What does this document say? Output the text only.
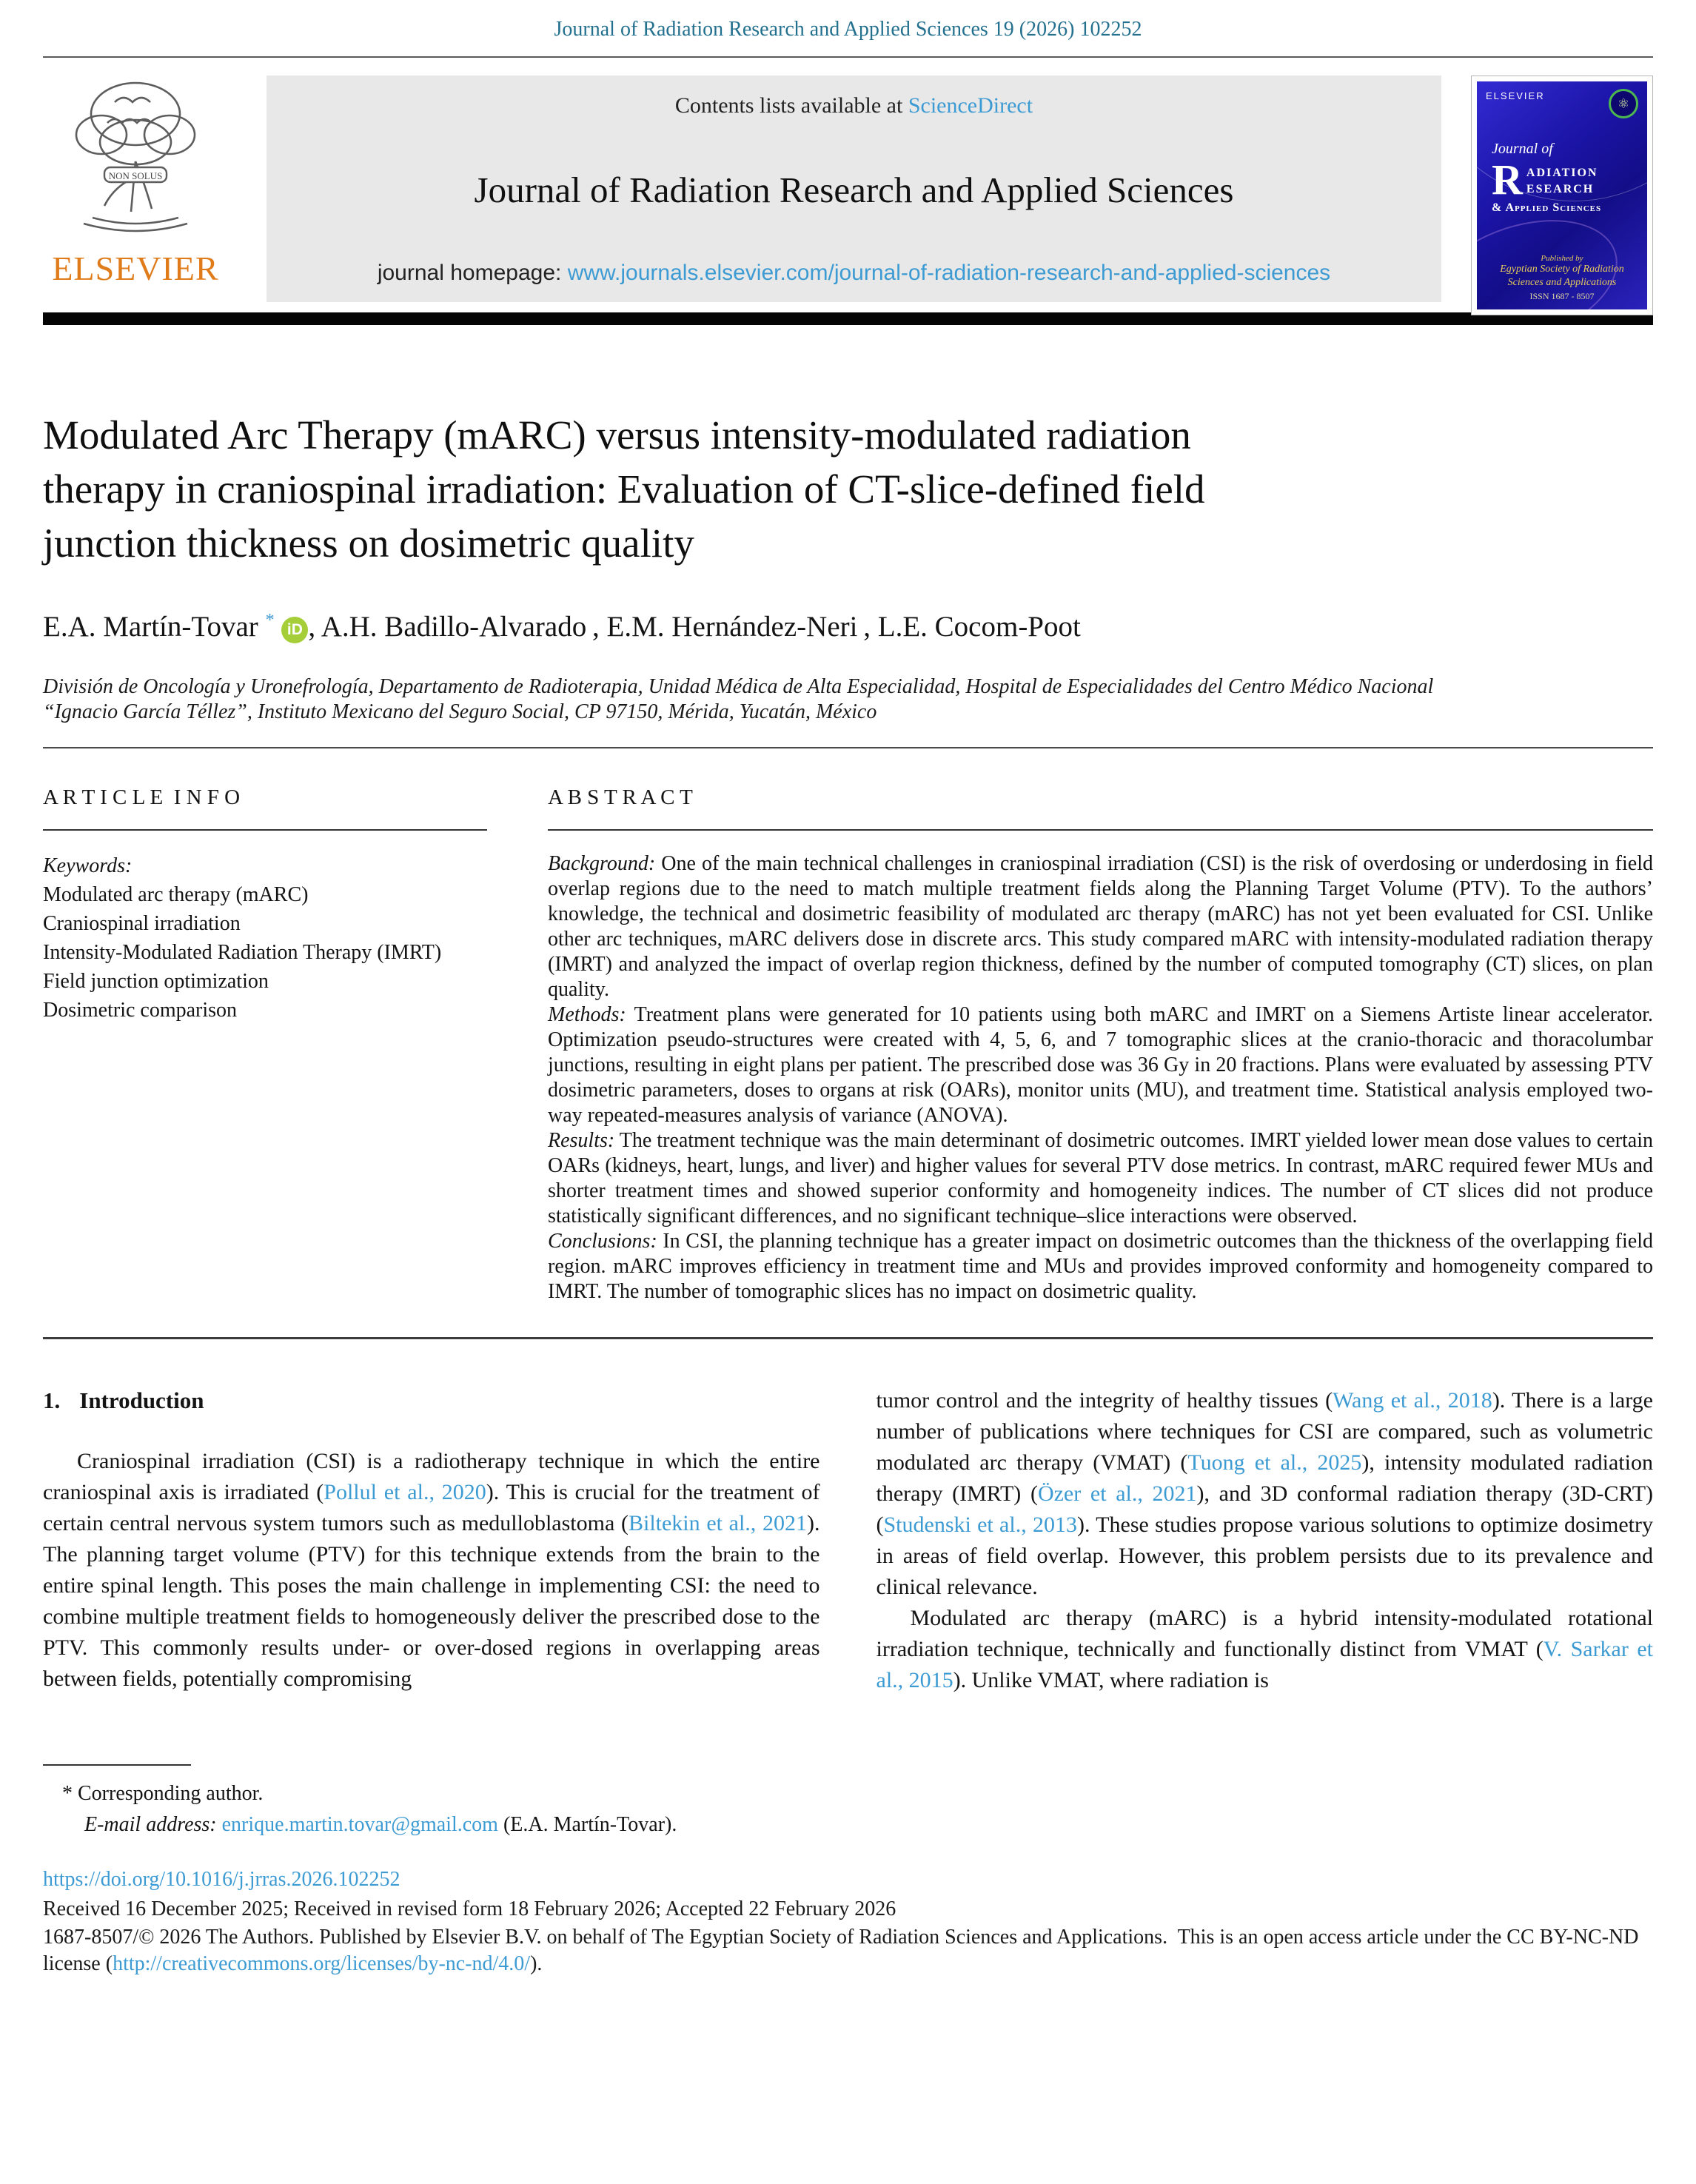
Journal of Radiation Research and Applied Sciences 19 (2026) 102252
NON SOLUS
ELSEVIER
Contents lists available at ScienceDirect
Journal of Radiation Research and Applied Sciences
journal homepage: www.journals.elsevier.com/journal-of-radiation-research-and-applied-sciences
ELSEVIER	⚛
Journal of
R ADIATION
ESEARCH
& Applied Sciences
Published by
Egyptian Society of Radiation
Sciences and Applications
ISSN 1687 - 8507
Modulated Arc Therapy (mARC) versus intensity-modulated radiation
therapy in craniospinal irradiation: Evaluation of CT-slice-defined field
junction thickness on dosimetric quality
E.A. Martín-Tovar * iD , A.H. Badillo-Alvarado , E.M. Hernández-Neri , L.E. Cocom-Poot
División de Oncología y Uronefrología, Departamento de Radioterapia, Unidad Médica de Alta Especialidad, Hospital de Especialidades del Centro Médico Nacional
“Ignacio García Téllez”, Instituto Mexicano del Seguro Social, CP 97150, Mérida, Yucatán, México
A R T I C L E  I N F O
Keywords:
Modulated arc therapy (mARC)
Craniospinal irradiation
Intensity-Modulated Radiation Therapy (IMRT)
Field junction optimization
Dosimetric comparison
A B S T R A C T
Background: One of the main technical challenges in craniospinal irradiation (CSI) is the risk of overdosing or underdosing in field overlap regions due to the need to match multiple treatment fields along the Planning Target Volume (PTV). To the authors’ knowledge, the technical and dosimetric feasibility of modulated arc therapy (mARC) has not yet been evaluated for CSI. Unlike other arc techniques, mARC delivers dose in discrete arcs. This study compared mARC with intensity-modulated radiation therapy (IMRT) and analyzed the impact of overlap region thickness, defined by the number of computed tomography (CT) slices, on plan quality.
Methods: Treatment plans were generated for 10 patients using both mARC and IMRT on a Siemens Artiste linear accelerator. Optimization pseudo-structures were created with 4, 5, 6, and 7 tomographic slices at the cranio-thoracic and thoracolumbar junctions, resulting in eight plans per patient. The prescribed dose was 36 Gy in 20 fractions. Plans were evaluated by assessing PTV dosimetric parameters, doses to organs at risk (OARs), monitor units (MU), and treatment time. Statistical analysis employed two-way repeated-measures analysis of variance (ANOVA).
Results: The treatment technique was the main determinant of dosimetric outcomes. IMRT yielded lower mean dose values to certain OARs (kidneys, heart, lungs, and liver) and higher values for several PTV dose metrics. In contrast, mARC required fewer MUs and shorter treatment times and showed superior conformity and homogeneity indices. The number of CT slices did not produce statistically significant differences, and no significant technique–slice interactions were observed.
Conclusions: In CSI, the planning technique has a greater impact on dosimetric outcomes than the thickness of the overlapping field region. mARC improves efficiency in treatment time and MUs and provides improved conformity and homogeneity compared to IMRT. The number of tomographic slices has no impact on dosimetric quality.
1. Introduction
Craniospinal irradiation (CSI) is a radiotherapy technique in which the entire craniospinal axis is irradiated (Pollul et al., 2020). This is crucial for the treatment of certain central nervous system tumors such as medulloblastoma (Biltekin et al., 2021). The planning target volume (PTV) for this technique extends from the brain to the entire spinal length. This poses the main challenge in implementing CSI: the need to combine multiple treatment fields to homogeneously deliver the prescribed dose to the PTV. This commonly results under- or over-dosed regions in overlapping areas between fields, potentially compromising
tumor control and the integrity of healthy tissues (Wang et al., 2018). There is a large number of publications where techniques for CSI are compared, such as volumetric modulated arc therapy (VMAT) (Tuong et al., 2025), intensity modulated radiation therapy (IMRT) (Özer et al., 2021), and 3D conformal radiation therapy (3D-CRT) (Studenski et al., 2013). These studies propose various solutions to optimize dosimetry in areas of field overlap. However, this problem persists due to its prevalence and clinical relevance.
Modulated arc therapy (mARC) is a hybrid intensity-modulated rotational irradiation technique, technically and functionally distinct from VMAT (V. Sarkar et al., 2015). Unlike VMAT, where radiation is
* Corresponding author.
E-mail address: enrique.martin.tovar@gmail.com (E.A. Martín-Tovar).
https://doi.org/10.1016/j.jrras.2026.102252
Received 16 December 2025; Received in revised form 18 February 2026; Accepted 22 February 2026
1687-8507/© 2026 The Authors. Published by Elsevier B.V. on behalf of The Egyptian Society of Radiation Sciences and Applications.  This is an open access article under the CC BY-NC-ND license (http://creativecommons.org/licenses/by-nc-nd/4.0/).
